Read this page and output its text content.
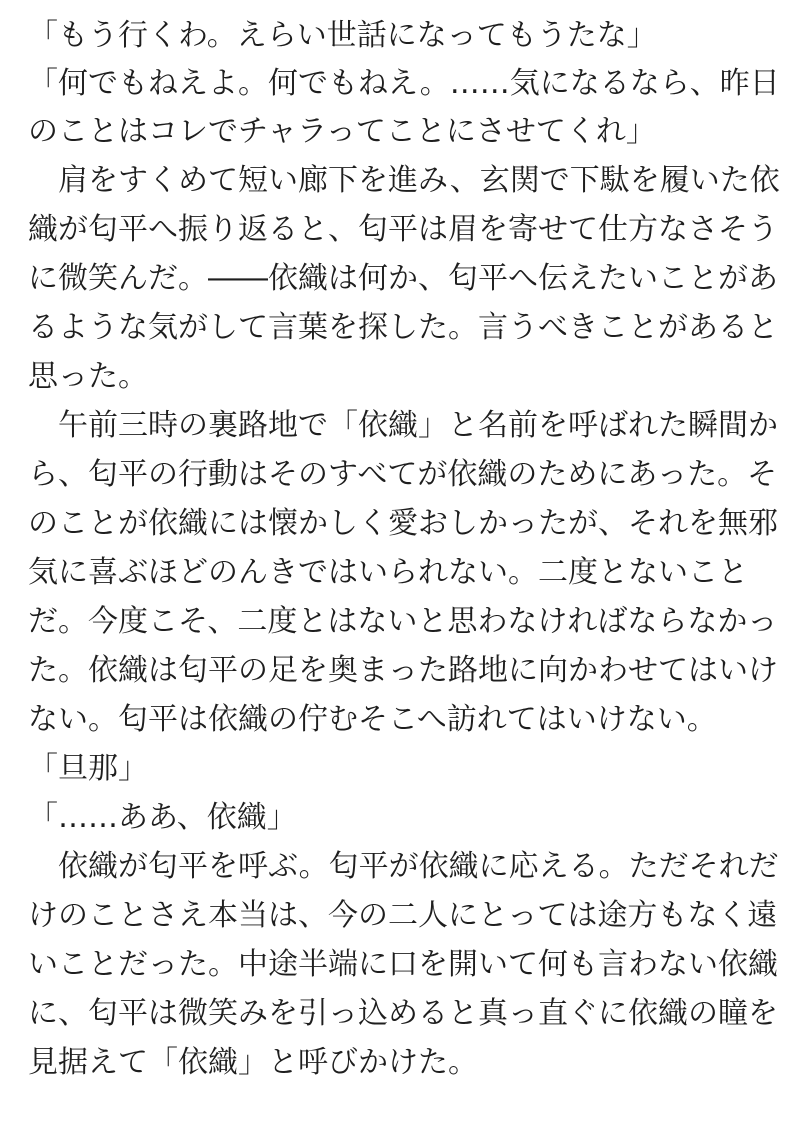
「もう行くわ。えらい世話になってもうたな」
「何でもねえよ。何でもねえ。……気になるなら、昨日
のことはコレでチャラってことにさせてくれ」
　肩をすくめて短い廊下を進み、玄関で下駄を履いた依
織が匂平へ振り返ると、匂平は眉を寄せて仕方なさそう
に微笑んだ。――依織は何か、匂平へ伝えたいことがあ
るような気がして言葉を探した。言うべきことがあると
思った。
　午前三時の裏路地で「依織」と名前を呼ばれた瞬間か
ら、匂平の行動はそのすべてが依織のためにあった。そ
のことが依織には懐かしく愛おしかったが、それを無邪
気に喜ぶほどのんきではいられない。二度とないこと
だ。今度こそ、二度とはないと思わなければならなかっ
た。依織は匂平の足を奥まった路地に向かわせてはいけ
ない。匂平は依織の佇むそこへ訪れてはいけない。
「旦那」
「……ああ、依織」
　依織が匂平を呼ぶ。匂平が依織に応える。ただそれだ
けのことさえ本当は、今の二人にとっては途方もなく遠
いことだった。中途半端に口を開いて何も言わない依織
に、匂平は微笑みを引っ込めると真っ直ぐに依織の瞳を
見据えて「依織」と呼びかけた。
